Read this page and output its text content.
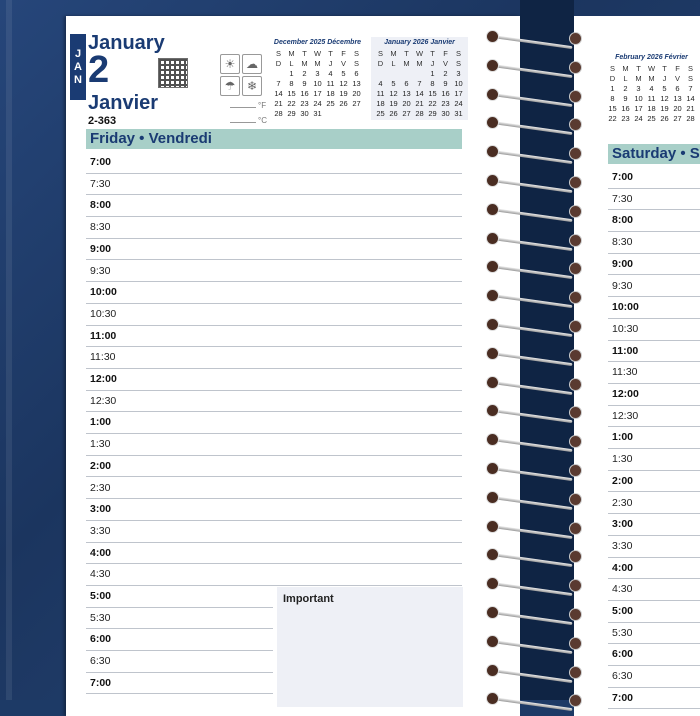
J
A
N
January
2
Janvier
2-363
☀ ☁
☂ ❄
°F
°C
December 2025 Décembre
S	M	T	W	T	F	S
D	L	M	M	J	V	S
	1	2	3	4	5	6
7	8	9	10	11	12	13
14	15	16	17	18	19	20
21	22	23	24	25	26	27
28	29	30	31			
January 2026 Janvier
S	M	T	W	T	F	S
D	L	M	M	J	V	S
				1	2	3
4	5	6	7	8	9	10
11	12	13	14	15	16	17
18	19	20	21	22	23	24
25	26	27	28	29	30	31
February 2026 Février
S	M	T	W	T	F	S
D	L	M	M	J	V	S
1	2	3	4	5	6	7
8	9	10	11	12	13	14
15	16	17	18	19	20	21
22	23	24	25	26	27	28
Friday • Vendredi
Saturday • S
7:00
7:30
8:00
8:30
9:00
9:30
10:00
10:30
11:00
11:30
12:00
12:30
1:00
1:30
2:00
2:30
3:00
3:30
4:00
4:30
5:00
5:30
6:00
6:30
7:00
7:00
7:30
8:00
8:30
9:00
9:30
10:00
10:30
11:00
11:30
12:00
12:30
1:00
1:30
2:00
2:30
3:00
3:30
4:00
4:30
5:00
5:30
6:00
6:30
7:00
Important
